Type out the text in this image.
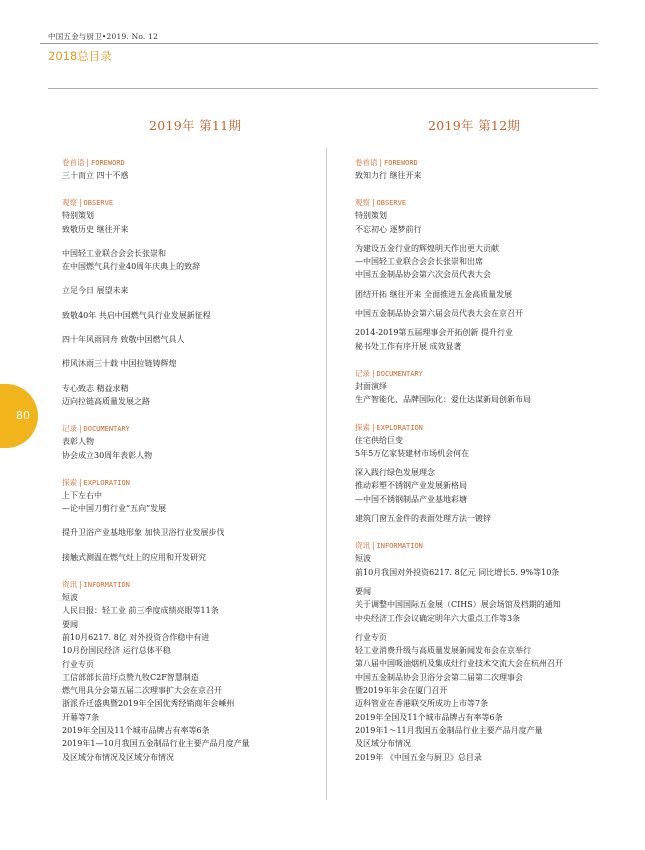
中国五金与厨卫•2019. No. 12
2018总目录
80
2019年 第11期	2019年 第12期
卷首语 | FOREWORD
三十而立 四十不惑
观察 | OBSERVE
特别策划
致敬历史 继往开来
中国轻工业联合会会长张崇和
在中国燃气具行业40周年庆典上的致辞
立足今日 展望未来
致敬40年 共启中国燃气具行业发展新征程
四十年风雨同舟 致敬中国燃气具人
栉风沐雨三十载 中国拉链铸辉煌
专心致志 精益求精
迈向拉链高质量发展之路
记录 | DOCUMENTARY
表彰人物
协会成立30周年表彰人物
探索 | EXPLORATION
上下左右中
—论中国刀剪行业“五向”发展
提升卫浴产业基地形象 加快卫浴行业发展步伐
接触式测温在燃气灶上的应用和开发研究
资讯 | INFORMATION
短波
人民日报：轻工业 前三季度成绩亮眼等11条
要闻
前10月6217. 8亿 对外投资合作稳中有进
10月份国民经济 运行总体平稳
行业专页
工信部部长苗圩点赞九牧C2F智慧制造
燃气用具分会第五届二次理事扩大会在京召开
浙派乔迁盛典暨2019年全国优秀经销商年会嵊州
开幕等7条
2019年全国及11个城市品牌占有率等6条
2019年1—10月我国五金制品行业主要产品月度产量
及区域分布情况及区域分布情况
卷首语 | FOREWORD
致知力行 继往开来
观察 | OBSERVE
特别策划
不忘初心 逐梦前行
为建设五金行业的辉煌明天作出更大贡献
—中国轻工业联合会会长张崇和出席
中国五金制品协会第六次会员代表大会
团结开拓 继往开来 全面推进五金高质量发展
中国五金制品协会第六届会员代表大会在京召开
2014-2019第五届理事会开拓创新 提升行业
秘书处工作有序开展 成效显著
记录 | DOCUMENTARY
封面演绎
生产智能化、品牌国际化：爱仕达谋新局创新布局
探索 | EXPLORATION
住宅供给巨变
5年5万亿家装建材市场机会何在
深入践行绿色发展理念
推动彩塑不锈钢产业发展新格局
—中国不锈钢制品产业基地彩塘
建筑门窗五金件的表面处理方法一镀锌
资讯 | INFORMATION
短波
前10月我国对外投资6217. 8亿元 同比增长5. 9%等10条
要闻
关于调整中国国际五金展（CIHS）展会场馆及档期的通知
中央经济工作会议确定明年六大重点工作等3条
行业专页
轻工业消费升级与高质量发展新闻发布会在京举行
第八届中国吸油烟机及集成灶行业技术交流大会在杭州召开
中国五金制品协会卫浴分会第二届第二次理事会
暨2019年年会在厦门召开
迈科管业在香港联交所成功上市等7条
2019年全国及11个城市品牌占有率等6条
2019年1～11月我国五金制品行业主要产品月度产量
及区域分布情况
2019年 《中国五金与厨卫》总目录
